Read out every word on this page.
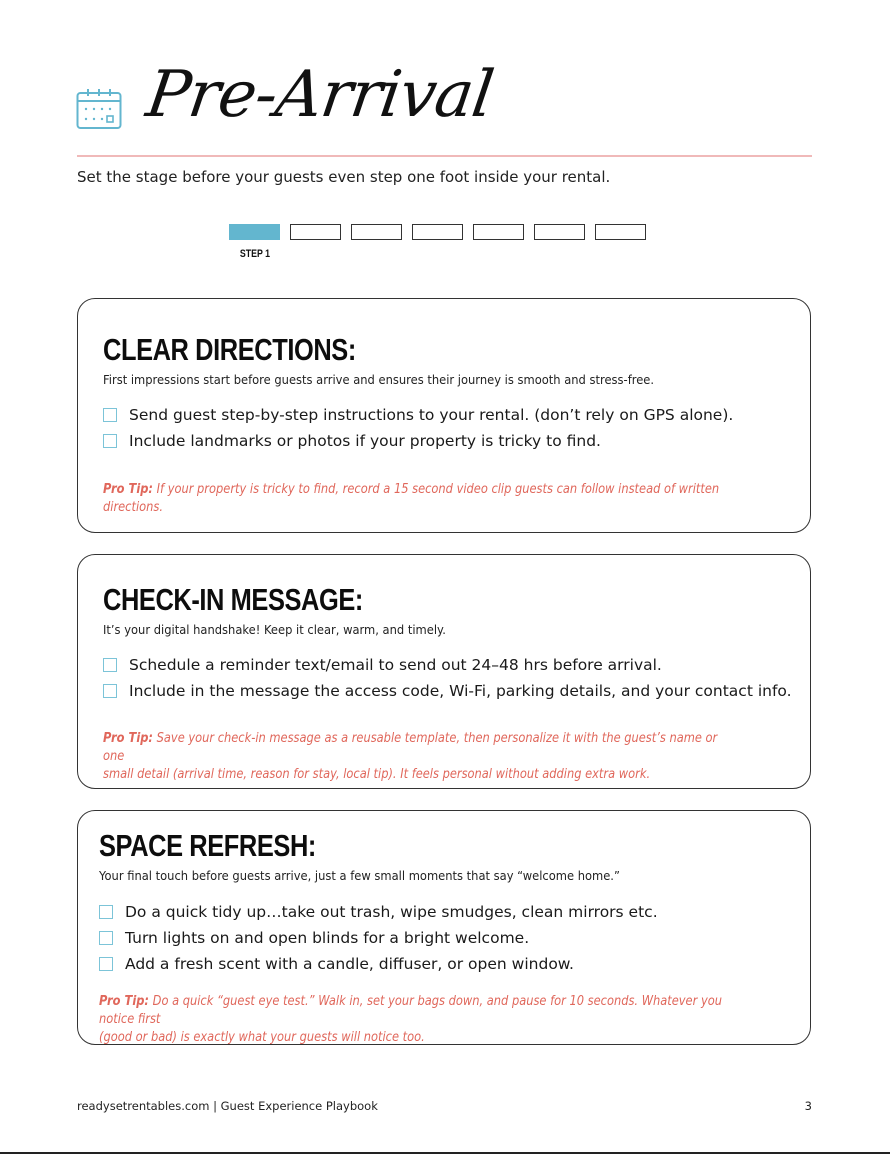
Pre-Arrival
Set the stage before your guests even step one foot inside your rental.
STEP 1
CLEAR DIRECTIONS:
First impressions start before guests arrive and ensures their journey is smooth and stress-free.
Send guest step-by-step instructions to your rental. (don’t rely on GPS alone).
Include landmarks or photos if your property is tricky to find.
Pro Tip: If your property is tricky to find, record a 15 second video clip guests can follow instead of written directions.
CHECK-IN MESSAGE:
It’s your digital handshake! Keep it clear, warm, and timely.
Schedule a reminder text/email to send out 24–48 hrs before arrival.
Include in the message the access code, Wi-Fi, parking details, and your contact info.
Pro Tip: Save your check-in message as a reusable template, then personalize it with the guest’s name or one
small detail (arrival time, reason for stay, local tip). It feels personal without adding extra work.
SPACE REFRESH:
Your final touch before guests arrive, just a few small moments that say “welcome home.”
Do a quick tidy up…take out trash, wipe smudges, clean mirrors etc.
Turn lights on and open blinds for a bright welcome.
Add a fresh scent with a candle, diffuser, or open window.
Pro Tip: Do a quick “guest eye test.” Walk in, set your bags down, and pause for 10 seconds. Whatever you notice first
(good or bad) is exactly what your guests will notice too.
readysetrentables.com | Guest Experience Playbook	3
